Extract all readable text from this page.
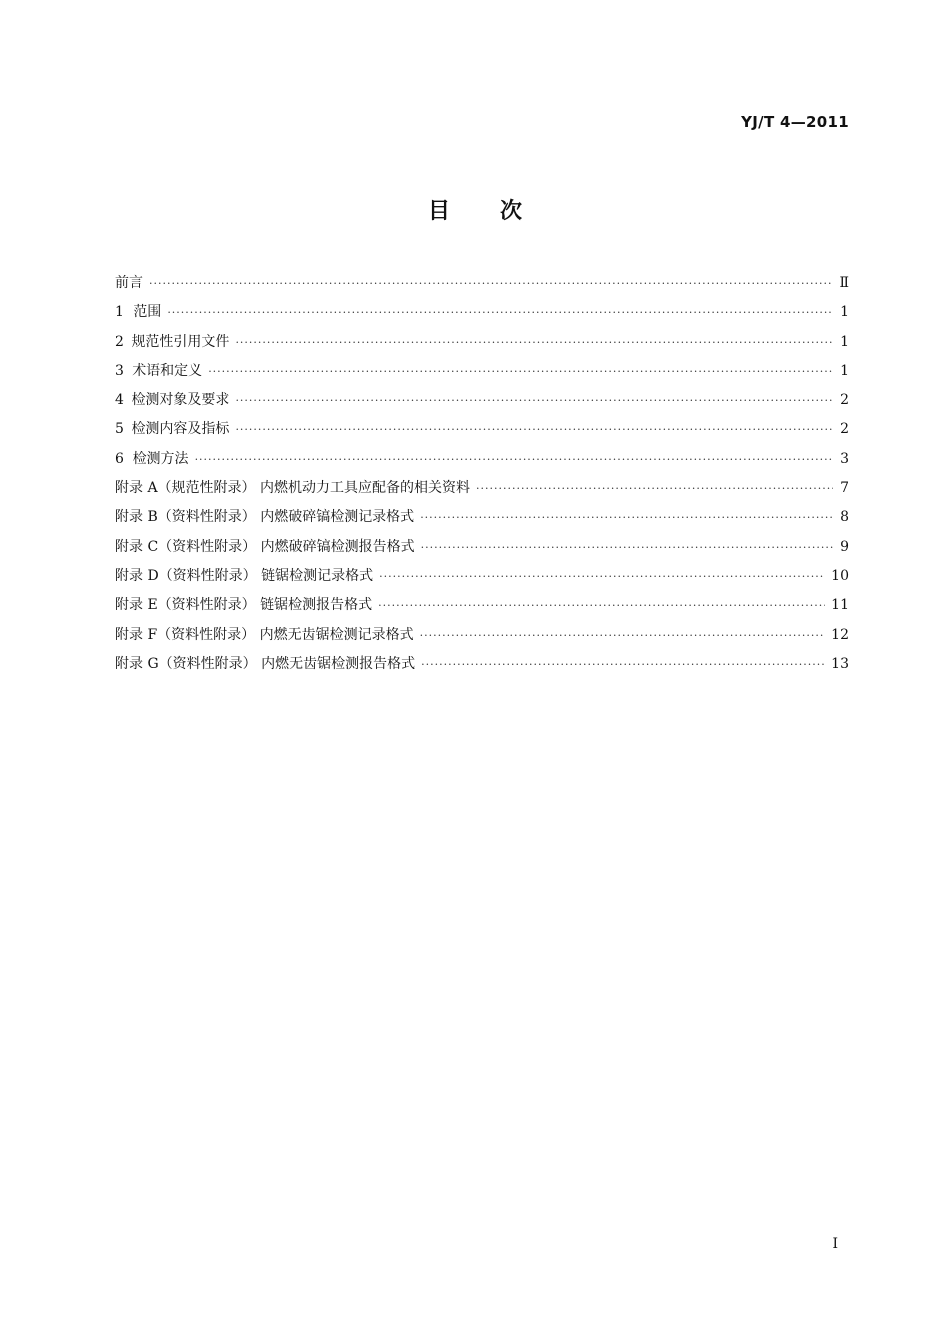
YJ/T 4—2011
目次
前言 ·····	Ⅱ
1 范围 ·····	1
2 规范性引用文件 ·····	1
3 术语和定义 ·····	1
4 检测对象及要求 ·····	2
5 检测内容及指标 ·····	2
6 检测方法 ·····	3
附录 A（规范性附录） 内燃机动力工具应配备的相关资料 ·····	7
附录 B（资料性附录） 内燃破碎镐检测记录格式 ·····	8
附录 C（资料性附录） 内燃破碎镐检测报告格式 ·····	9
附录 D（资料性附录） 链锯检测记录格式 ·····	10
附录 E（资料性附录） 链锯检测报告格式 ·····	11
附录 F（资料性附录） 内燃无齿锯检测记录格式 ·····	12
附录 G（资料性附录） 内燃无齿锯检测报告格式 ·····	13
Ⅰ
